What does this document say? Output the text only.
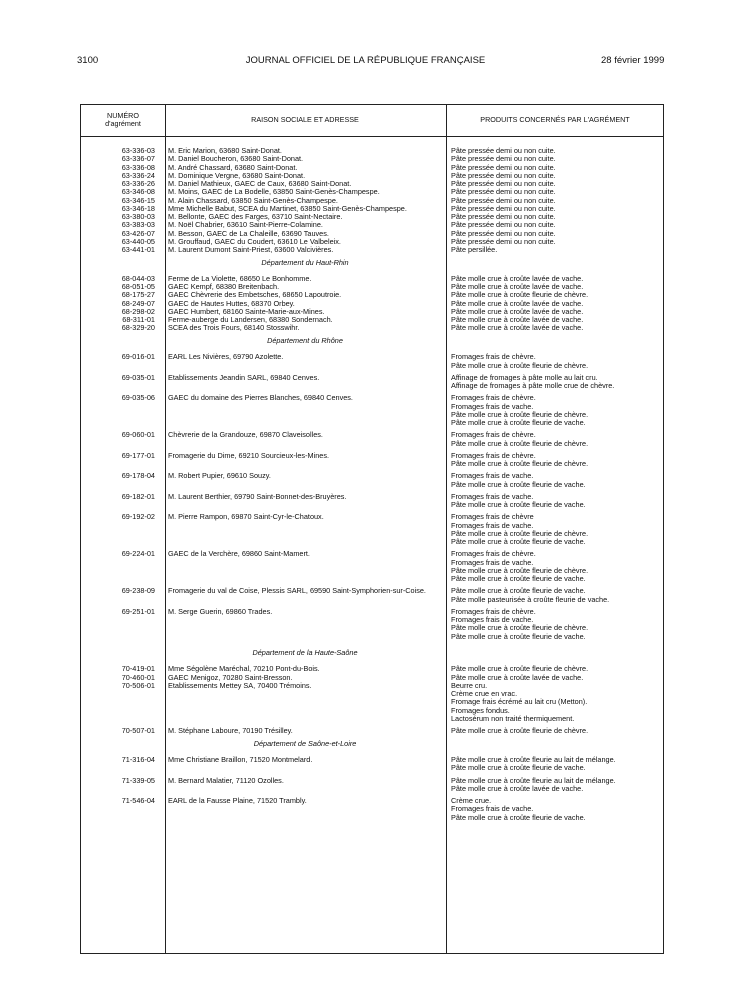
3100	JOURNAL OFFICIEL DE LA RÉPUBLIQUE FRANÇAISE	28 février 1999
NUMÉRO
d'agrément	RAISON SOCIALE ET ADRESSE	PRODUITS CONCERNÉS PAR L'AGRÉMENT
63-336-03 M. Eric Marion, 63680 Saint-Donat.	Pâte pressée demi ou non cuite.
63-336-07 M. Daniel Boucheron, 63680 Saint-Donat.	Pâte pressée demi ou non cuite.
63-336-08 M. André Chassard, 63680 Saint-Donat.	Pâte pressée demi ou non cuite.
63-336-24 M. Dominique Vergne, 63680 Saint-Donat.	Pâte pressée demi ou non cuite.
63-336-26 M. Daniel Mathieux, GAEC de Caux, 63680 Saint-Donat.	Pâte pressée demi ou non cuite.
63-346-08 M. Moins, GAEC de La Bodelle, 63850 Saint-Genès-Champespe.	Pâte pressée demi ou non cuite.
63-346-15 M. Alain Chassard, 63850 Saint-Genès-Champespe.	Pâte pressée demi ou non cuite.
63-346-18 Mme Michelle Babut, SCEA du Martinet, 63850 Saint-Genès-Champespe.	Pâte pressée demi ou non cuite.
63-380-03 M. Bellonte, GAEC des Farges, 63710 Saint-Nectaire.	Pâte pressée demi ou non cuite.
63-383-03 M. Noël Chabrier, 63610 Saint-Pierre-Colamine.	Pâte pressée demi ou non cuite.
63-426-07 M. Besson, GAEC de La Chaleille, 63690 Tauves.	Pâte pressée demi ou non cuite.
63-440-05 M. Grouffaud, GAEC du Coudert, 63610 Le Valbeleix.	Pâte pressée demi ou non cuite.
63-441-01 M. Laurent Dumont Saint-Priest, 63600 Valcivières.	Pâte persillée.
Département du Haut-Rhin
68-044-03 Ferme de La Violette, 68650 Le Bonhomme.	Pâte molle crue à croûte lavée de vache.
68-051-05 GAEC Kempf, 68380 Breitenbach.	Pâte molle crue à croûte lavée de vache.
68-175-27 GAEC Chèvrerie des Embetsches, 68650 Lapoutroie.	Pâte molle crue à croûte fleurie de chèvre.
68-249-07 GAEC de Hautes Huttes, 68370 Orbey.	Pâte molle crue à croûte lavée de vache.
68-298-02 GAEC Humbert, 68160 Sainte-Marie-aux-Mines.	Pâte molle crue à croûte lavée de vache.
68-311-01 Ferme-auberge du Landersen, 68380 Sondernach.	Pâte molle crue à croûte lavée de vache.
68-329-20 SCEA des Trois Fours, 68140 Stosswihr.	Pâte molle crue à croûte lavée de vache.
Département du Rhône
69-016-01 EARL Les Nivières, 69790 Azolette.	Fromages frais de chèvre.
Pâte molle crue à croûte fleurie de chèvre.
69-035-01 Etablissements Jeandin SARL, 69840 Cenves.	Affinage de fromages à pâte molle au lait cru.
Affinage de fromages à pâte molle crue de chèvre.
69-035-06 GAEC du domaine des Pierres Blanches, 69840 Cenves.	Fromages frais de chèvre.
Fromages frais de vache.
Pâte molle crue à croûte fleurie de chèvre.
Pâte molle crue à croûte fleurie de vache.
69-060-01 Chèvrerie de la Grandouze, 69870 Claveisolles.	Fromages frais de chèvre.
Pâte molle crue à croûte fleurie de chèvre.
69-177-01 Fromagerie du Dime, 69210 Sourcieux-les-Mines.	Fromages frais de chèvre.
Pâte molle crue à croûte fleurie de chèvre.
69-178-04 M. Robert Pupier, 69610 Souzy.	Fromages frais de vache.
Pâte molle crue à croûte fleurie de vache.
69-182-01 M. Laurent Berthier, 69790 Saint-Bonnet-des-Bruyères.	Fromages frais de vache.
Pâte molle crue à croûte fleurie de vache.
69-192-02 M. Pierre Rampon, 69870 Saint-Cyr-le-Chatoux.	Fromages frais de chèvre
Fromages frais de vache.
Pâte molle crue à croûte fleurie de chèvre.
Pâte molle crue à croûte fleurie de vache.
69-224-01 GAEC de la Verchère, 69860 Saint-Mamert.	Fromages frais de chèvre.
Fromages frais de vache.
Pâte molle crue à croûte fleurie de chèvre.
Pâte molle crue à croûte fleurie de vache.
69-238-09 Fromagerie du val de Coise, Plessis SARL, 69590 Saint-Symphorien-sur-Coise.	Pâte molle crue à croûte fleurie de vache.
Pâte molle pasteurisée à croûte fleurie de vache.
69-251-01 M. Serge Guerin, 69860 Trades.	Fromages frais de chèvre.
Fromages frais de vache.
Pâte molle crue à croûte fleurie de chèvre.
Pâte molle crue à croûte fleurie de vache.
Département de la Haute-Saône
70-419-01 Mme Ségolène Maréchal, 70210 Pont-du-Bois.	Pâte molle crue à croûte fleurie de chèvre.
70-460-01 GAEC Menigoz, 70280 Saint-Bresson.	Pâte molle crue à croûte lavée de vache.
70-506-01 Etablissements Mettey SA, 70400 Trémoins.	Beurre cru.
Crème crue en vrac.
Fromage frais écrémé au lait cru (Metton).
Fromages fondus.
Lactosérum non traité thermiquement.
70-507-01 M. Stéphane Laboure, 70190 Trésilley.	Pâte molle crue à croûte fleurie de chèvre.
Département de Saône-et-Loire
71-316-04 Mme Christiane Braillon, 71520 Montmelard.	Pâte molle crue à croûte fleurie au lait de mélange.
Pâte molle crue à croûte fleurie de vache.
71-339-05 M. Bernard Malatier, 71120 Ozolles.	Pâte molle crue à croûte fleurie au lait de mélange.
Pâte molle crue à croûte lavée de vache.
71-546-04 EARL de la Fausse Plaine, 71520 Trambly.	Crème crue.
Fromages frais de vache.
Pâte molle crue à croûte fleurie de vache.
